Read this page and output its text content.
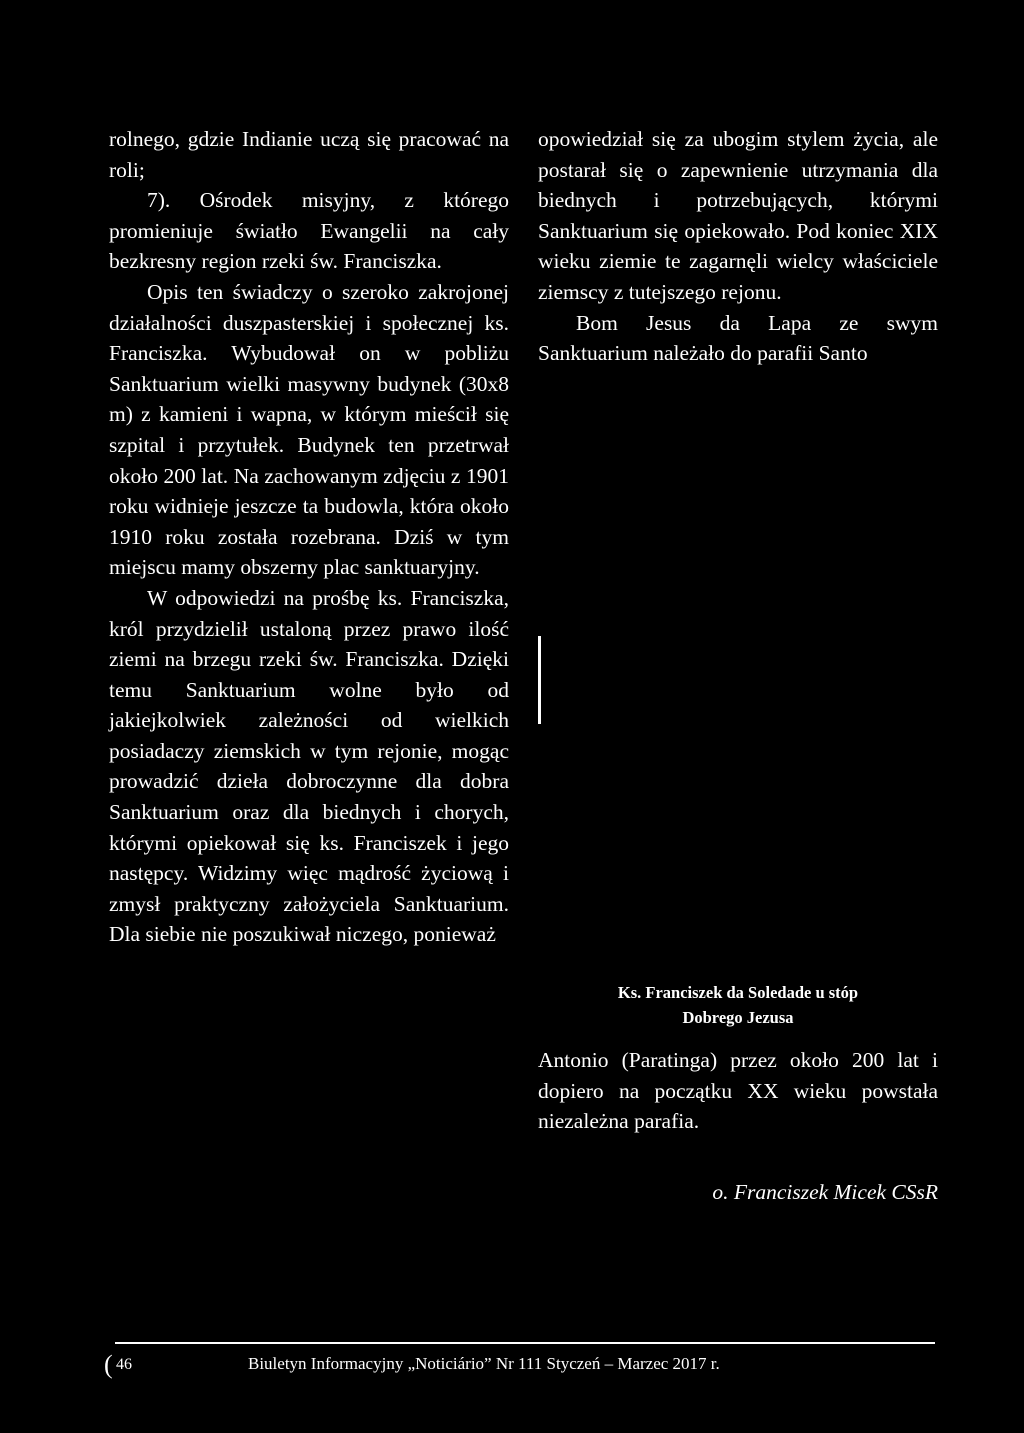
rolnego, gdzie Indianie uczą się pracować na roli;

7). Ośrodek misyjny, z którego promieniuje światło Ewangelii na cały bezkresny region rzeki św. Franciszka.

Opis ten świadczy o szeroko zakrojonej działalności duszpasterskiej i społecznej ks. Franciszka. Wybudował on w pobliżu Sanktuarium wielki masywny budynek (30x8 m) z kamieni i wapna, w którym mieścił się szpital i przytułek. Budynek ten przetrwał około 200 lat. Na zachowanym zdjęciu z 1901 roku widnieje jeszcze ta budowla, która około 1910 roku została rozebrana. Dziś w tym miejscu mamy obszerny plac sanktuaryjny.

W odpowiedzi na prośbę ks. Franciszka, król przydzielił ustaloną przez prawo ilość ziemi na brzegu rzeki św. Franciszka. Dzięki temu Sanktuarium wolne było od jakiejkolwiek zależności od wielkich posiadaczy ziemskich w tym rejonie, mogąc prowadzić dzieła dobroczynne dla dobra Sanktuarium oraz dla biednych i chorych, którymi opiekował się ks. Franciszek i jego następcy. Widzimy więc mądrość życiową i zmysł praktyczny założyciela Sanktuarium. Dla siebie nie poszukiwał niczego, ponieważ

opowiedział się za ubogim stylem życia, ale postarał się o zapewnienie utrzymania dla biednych i potrzebujących, którymi Sanktuarium się opiekowało. Pod koniec XIX wieku ziemie te zagarnęli wielcy właściciele ziemscy z tutejszego rejonu.

Bom Jesus da Lapa ze swym Sanktuarium należało do parafii Santo

Ks. Franciszek da Soledade u stóp

Dobrego Jezusa

Antonio (Paratinga) przez około 200 lat i dopiero na początku XX wieku powstała niezależna parafia.

o. Franciszek Micek CSsR
( 46	Biuletyn Informacyjny „Noticiário” Nr 111 Styczeń – Marzec 2017 r.
